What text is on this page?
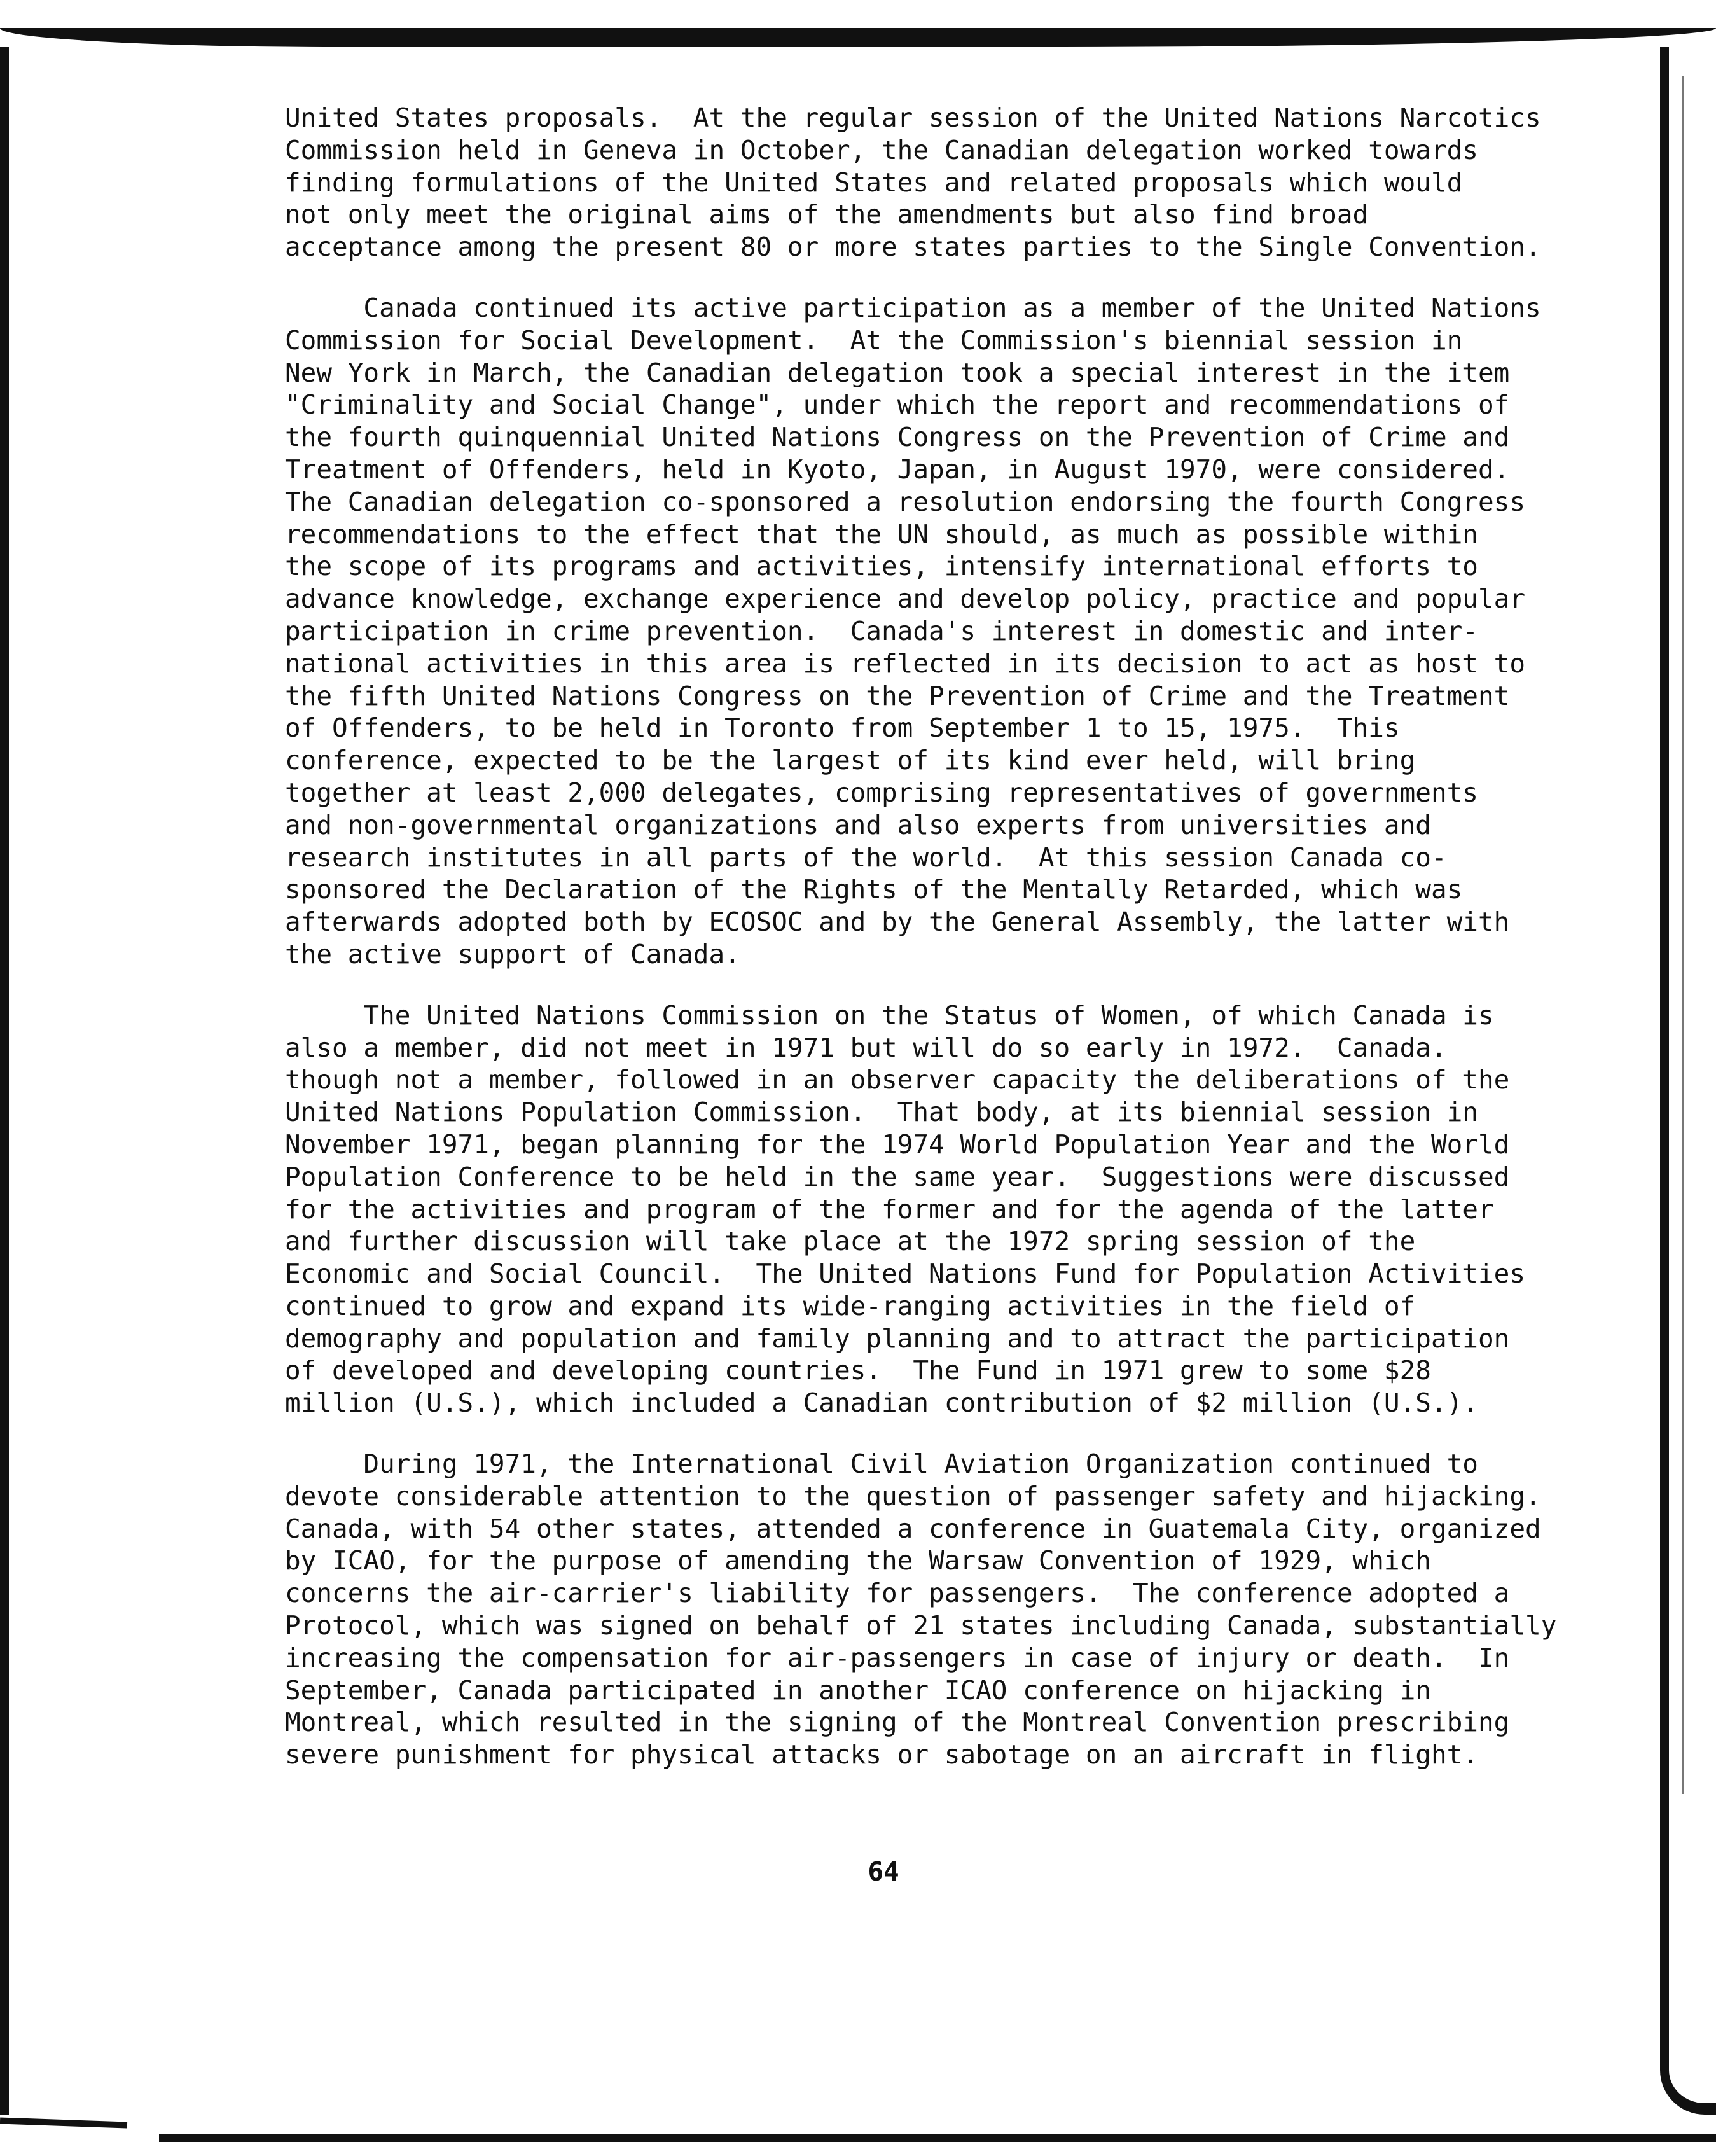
United States proposals.  At the regular session of the United Nations Narcotics
Commission held in Geneva in October, the Canadian delegation worked towards
finding formulations of the United States and related proposals which would
not only meet the original aims of the amendments but also find broad
acceptance among the present 80 or more states parties to the Single Convention.

Canada continued its active participation as a member of the United Nations
Commission for Social Development.  At the Commission's biennial session in
New York in March, the Canadian delegation took a special interest in the item
"Criminality and Social Change", under which the report and recommendations of
the fourth quinquennial United Nations Congress on the Prevention of Crime and
Treatment of Offenders, held in Kyoto, Japan, in August 1970, were considered.
The Canadian delegation co-sponsored a resolution endorsing the fourth Congress
recommendations to the effect that the UN should, as much as possible within
the scope of its programs and activities, intensify international efforts to
advance knowledge, exchange experience and develop policy, practice and popular
participation in crime prevention.  Canada's interest in domestic and inter-
national activities in this area is reflected in its decision to act as host to
the fifth United Nations Congress on the Prevention of Crime and the Treatment
of Offenders, to be held in Toronto from September 1 to 15, 1975.  This
conference, expected to be the largest of its kind ever held, will bring
together at least 2,000 delegates, comprising representatives of governments
and non-governmental organizations and also experts from universities and
research institutes in all parts of the world.  At this session Canada co-
sponsored the Declaration of the Rights of the Mentally Retarded, which was
afterwards adopted both by ECOSOC and by the General Assembly, the latter with
the active support of Canada.

The United Nations Commission on the Status of Women, of which Canada is
also a member, did not meet in 1971 but will do so early in 1972.  Canada.
though not a member, followed in an observer capacity the deliberations of the
United Nations Population Commission.  That body, at its biennial session in
November 1971, began planning for the 1974 World Population Year and the World
Population Conference to be held in the same year.  Suggestions were discussed
for the activities and program of the former and for the agenda of the latter
and further discussion will take place at the 1972 spring session of the
Economic and Social Council.  The United Nations Fund for Population Activities
continued to grow and expand its wide-ranging activities in the field of
demography and population and family planning and to attract the participation
of developed and developing countries.  The Fund in 1971 grew to some $28
million (U.S.), which included a Canadian contribution of $2 million (U.S.).

During 1971, the International Civil Aviation Organization continued to
devote considerable attention to the question of passenger safety and hijacking.
Canada, with 54 other states, attended a conference in Guatemala City, organized
by ICAO, for the purpose of amending the Warsaw Convention of 1929, which
concerns the air-carrier's liability for passengers.  The conference adopted a
Protocol, which was signed on behalf of 21 states including Canada, substantially
increasing the compensation for air-passengers in case of injury or death.  In
September, Canada participated in another ICAO conference on hijacking in
Montreal, which resulted in the signing of the Montreal Convention prescribing
severe punishment for physical attacks or sabotage on an aircraft in flight.

64
